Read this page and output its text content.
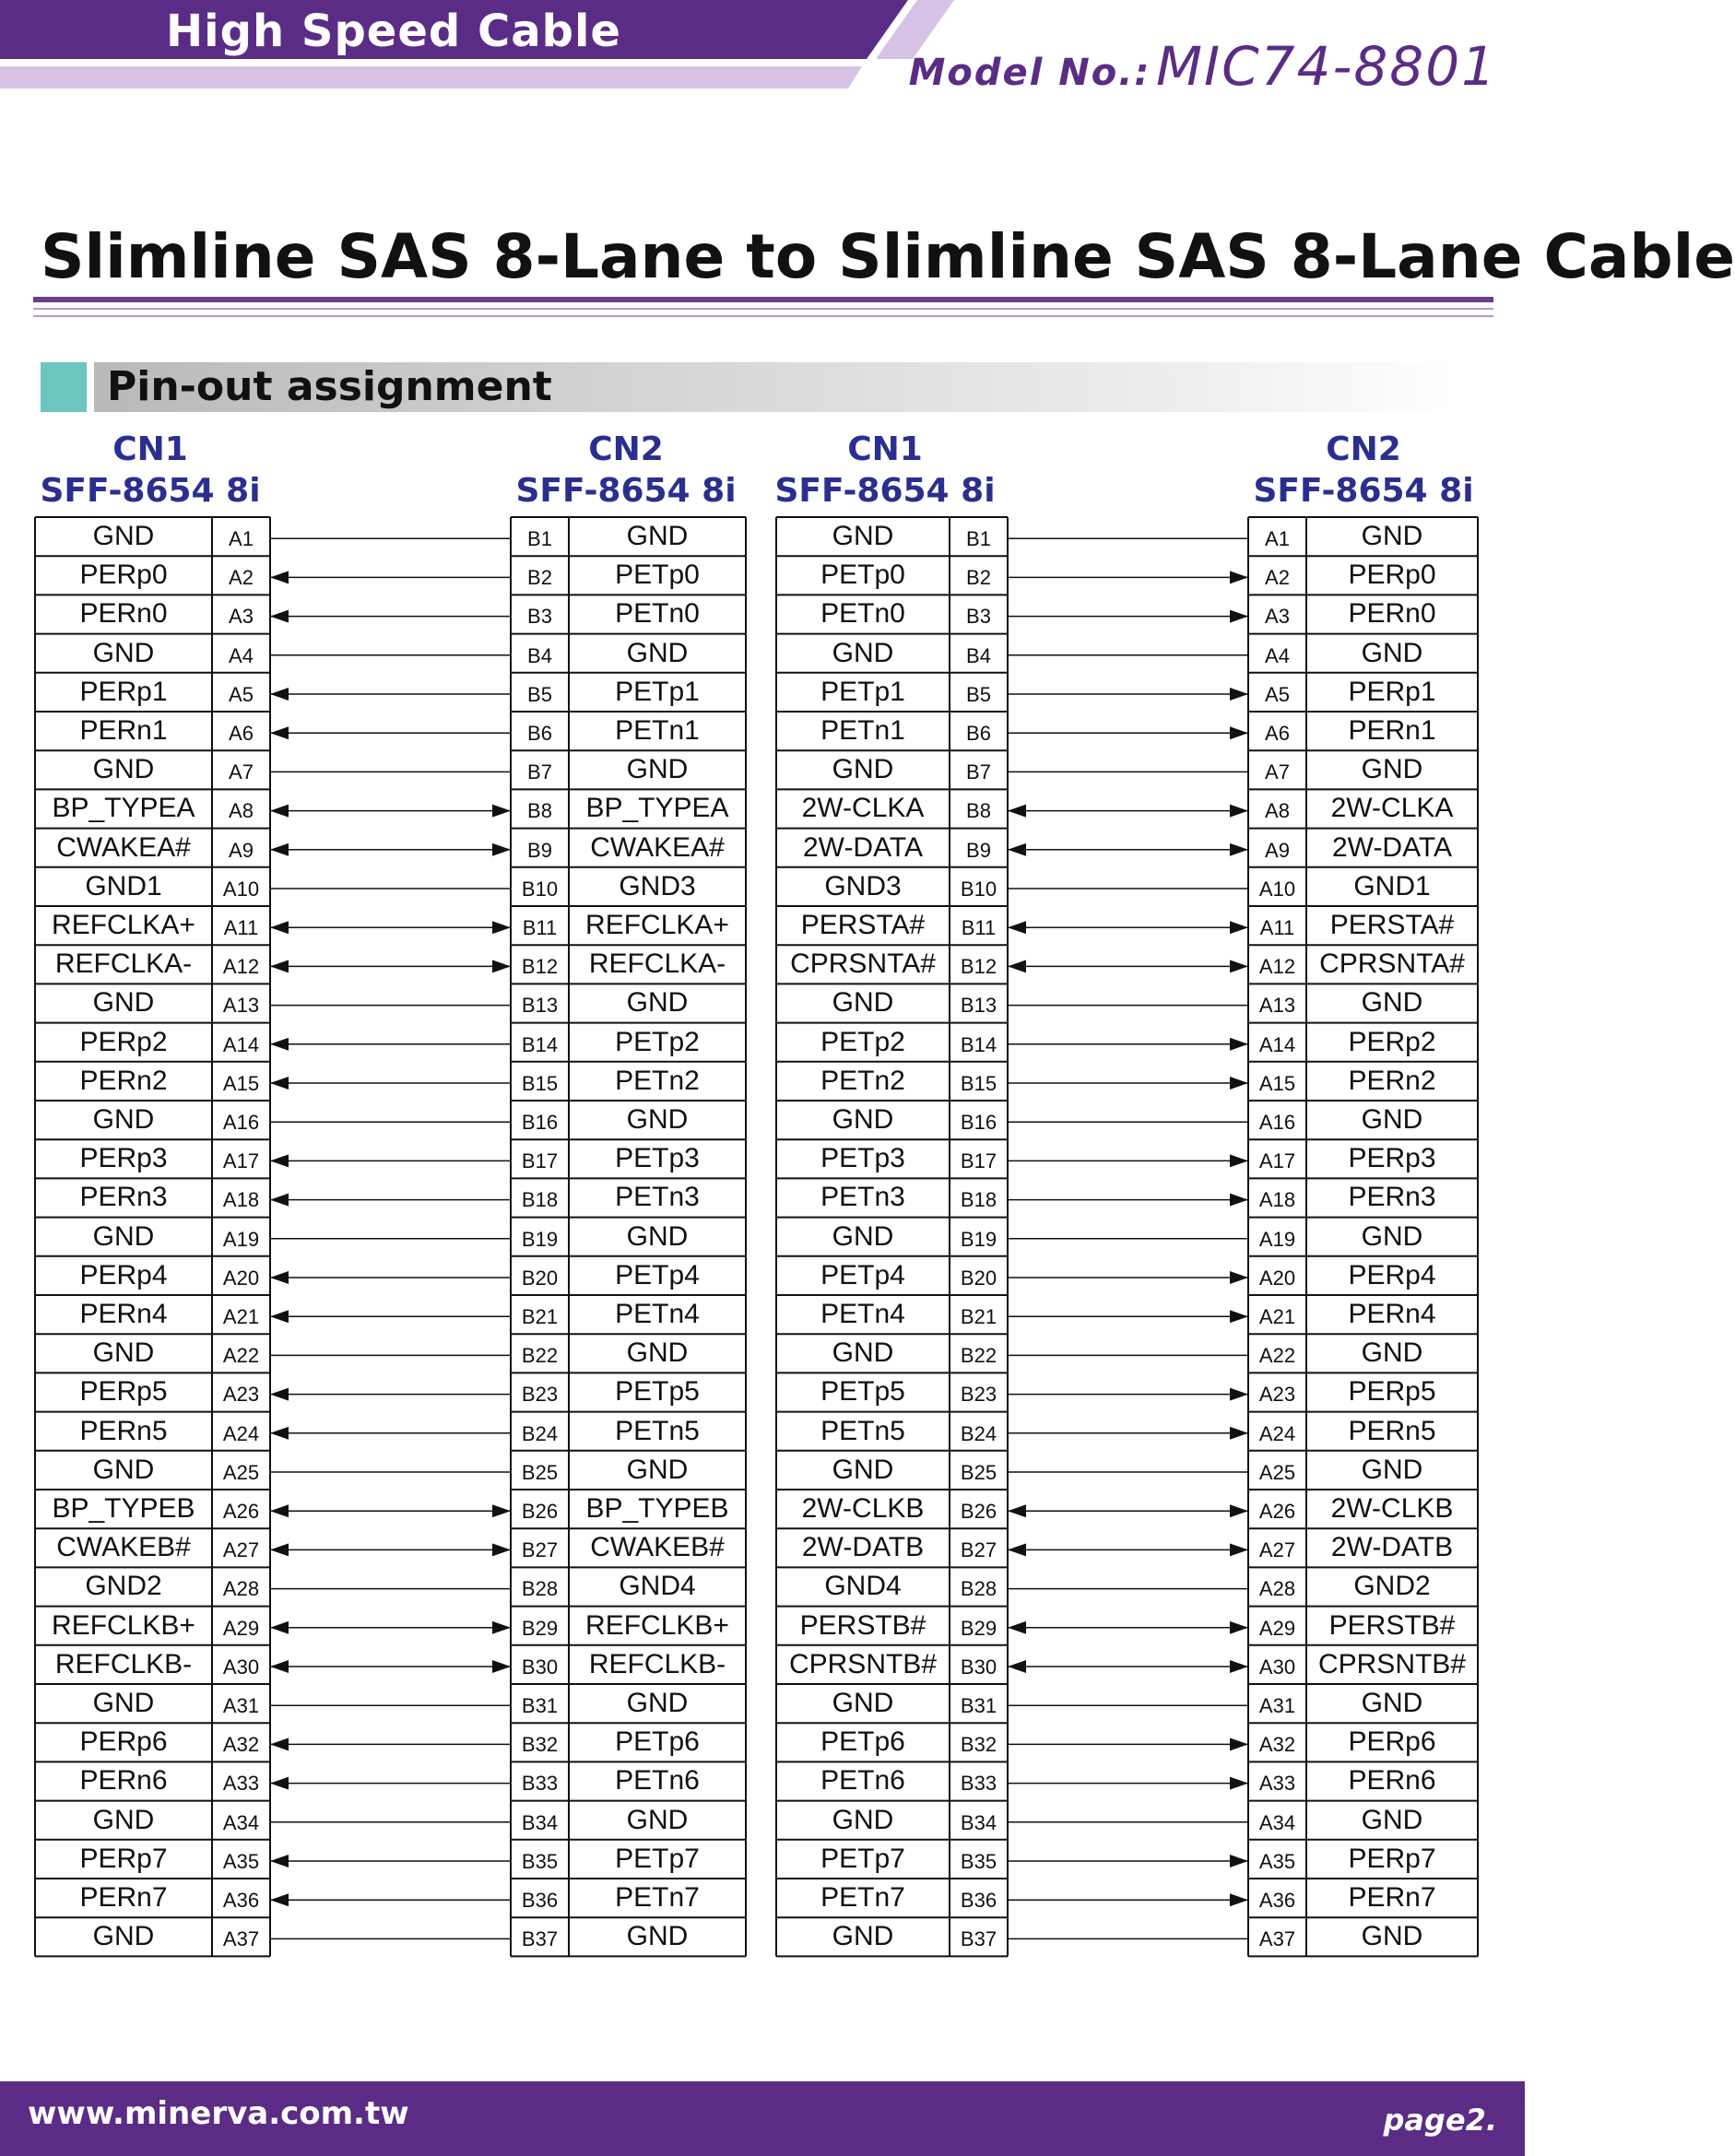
High Speed Cable
Model No.: MIC74-8801
Slimline SAS 8-Lane to Slimline SAS 8-Lane Cable
Pin-out assignment
CN1
SFF-8654 8i
CN2
SFF-8654 8i
CN1
SFF-8654 8i
CN2
SFF-8654 8i
GND	A1	B1	GND
PERp0	A2	B2	PETp0
PERn0	A3	B3	PETn0
GND	A4	B4	GND
PERp1	A5	B5	PETp1
PERn1	A6	B6	PETn1
GND	A7	B7	GND
BP_TYPEA	A8	B8	BP_TYPEA
CWAKEA#	A9	B9	CWAKEA#
GND1	A10	B10	GND3
REFCLKA+	A11	B11	REFCLKA+
REFCLKA-	A12	B12	REFCLKA-
GND	A13	B13	GND
PERp2	A14	B14	PETp2
PERn2	A15	B15	PETn2
GND	A16	B16	GND
PERp3	A17	B17	PETp3
PERn3	A18	B18	PETn3
GND	A19	B19	GND
PERp4	A20	B20	PETp4
PERn4	A21	B21	PETn4
GND	A22	B22	GND
PERp5	A23	B23	PETp5
PERn5	A24	B24	PETn5
GND	A25	B25	GND
BP_TYPEB	A26	B26	BP_TYPEB
CWAKEB#	A27	B27	CWAKEB#
GND2	A28	B28	GND4
REFCLKB+	A29	B29 REFCLKB+
REFCLKB-	A30	B30	REFCLKB-
GND	A31	B31	GND
PERp6	A32	B32	PETp6
PERn6	A33	B33	PETn6
GND	A34	B34	GND
PERp7	A35	B35	PETp7
PERn7	A36	B36	PETn7
GND	A37	B37	GND
GND	B1	A1	GND
PETp0	B2	A2	PERp0
PETn0	B3	A3	PERn0
GND	B4	A4	GND
PETp1	B5	A5	PERp1
PETn1	B6	A6	PERn1
GND	B7	A7	GND
2W-CLKA	B8	A8	2W-CLKA
2W-DATA	B9	A9	2W-DATA
GND3	B10	A10	GND1
PERSTA#	B11	A11	PERSTA#
CPRSNTA#	B12	A12 CPRSNTA#
GND	B13	A13	GND
PETp2	B14	A14	PERp2
PETn2	B15	A15	PERn2
GND	B16	A16	GND
PETp3	B17	A17	PERp3
PETn3	B18	A18	PERn3
GND	B19	A19	GND
PETp4	B20	A20	PERp4
PETn4	B21	A21	PERn4
GND	B22	A22	GND
PETp5	B23	A23	PERp5
PETn5	B24	A24	PERn5
GND	B25	A25	GND
2W-CLKB	B26	A26	2W-CLKB
2W-DATB	B27	A27	2W-DATB
GND4	B28	A28	GND2
PERSTB#	B29	A29	PERSTB#
CPRSNTB#	B30	A30 CPRSNTB#
GND	B31	A31	GND
PETp6	B32	A32	PERp6
PETn6	B33	A33	PERn6
GND	B34	A34	GND
PETp7	B35	A35	PERp7
PETn7	B36	A36	PERn7
GND	B37	A37	GND
www.minerva.com.tw	page2.
